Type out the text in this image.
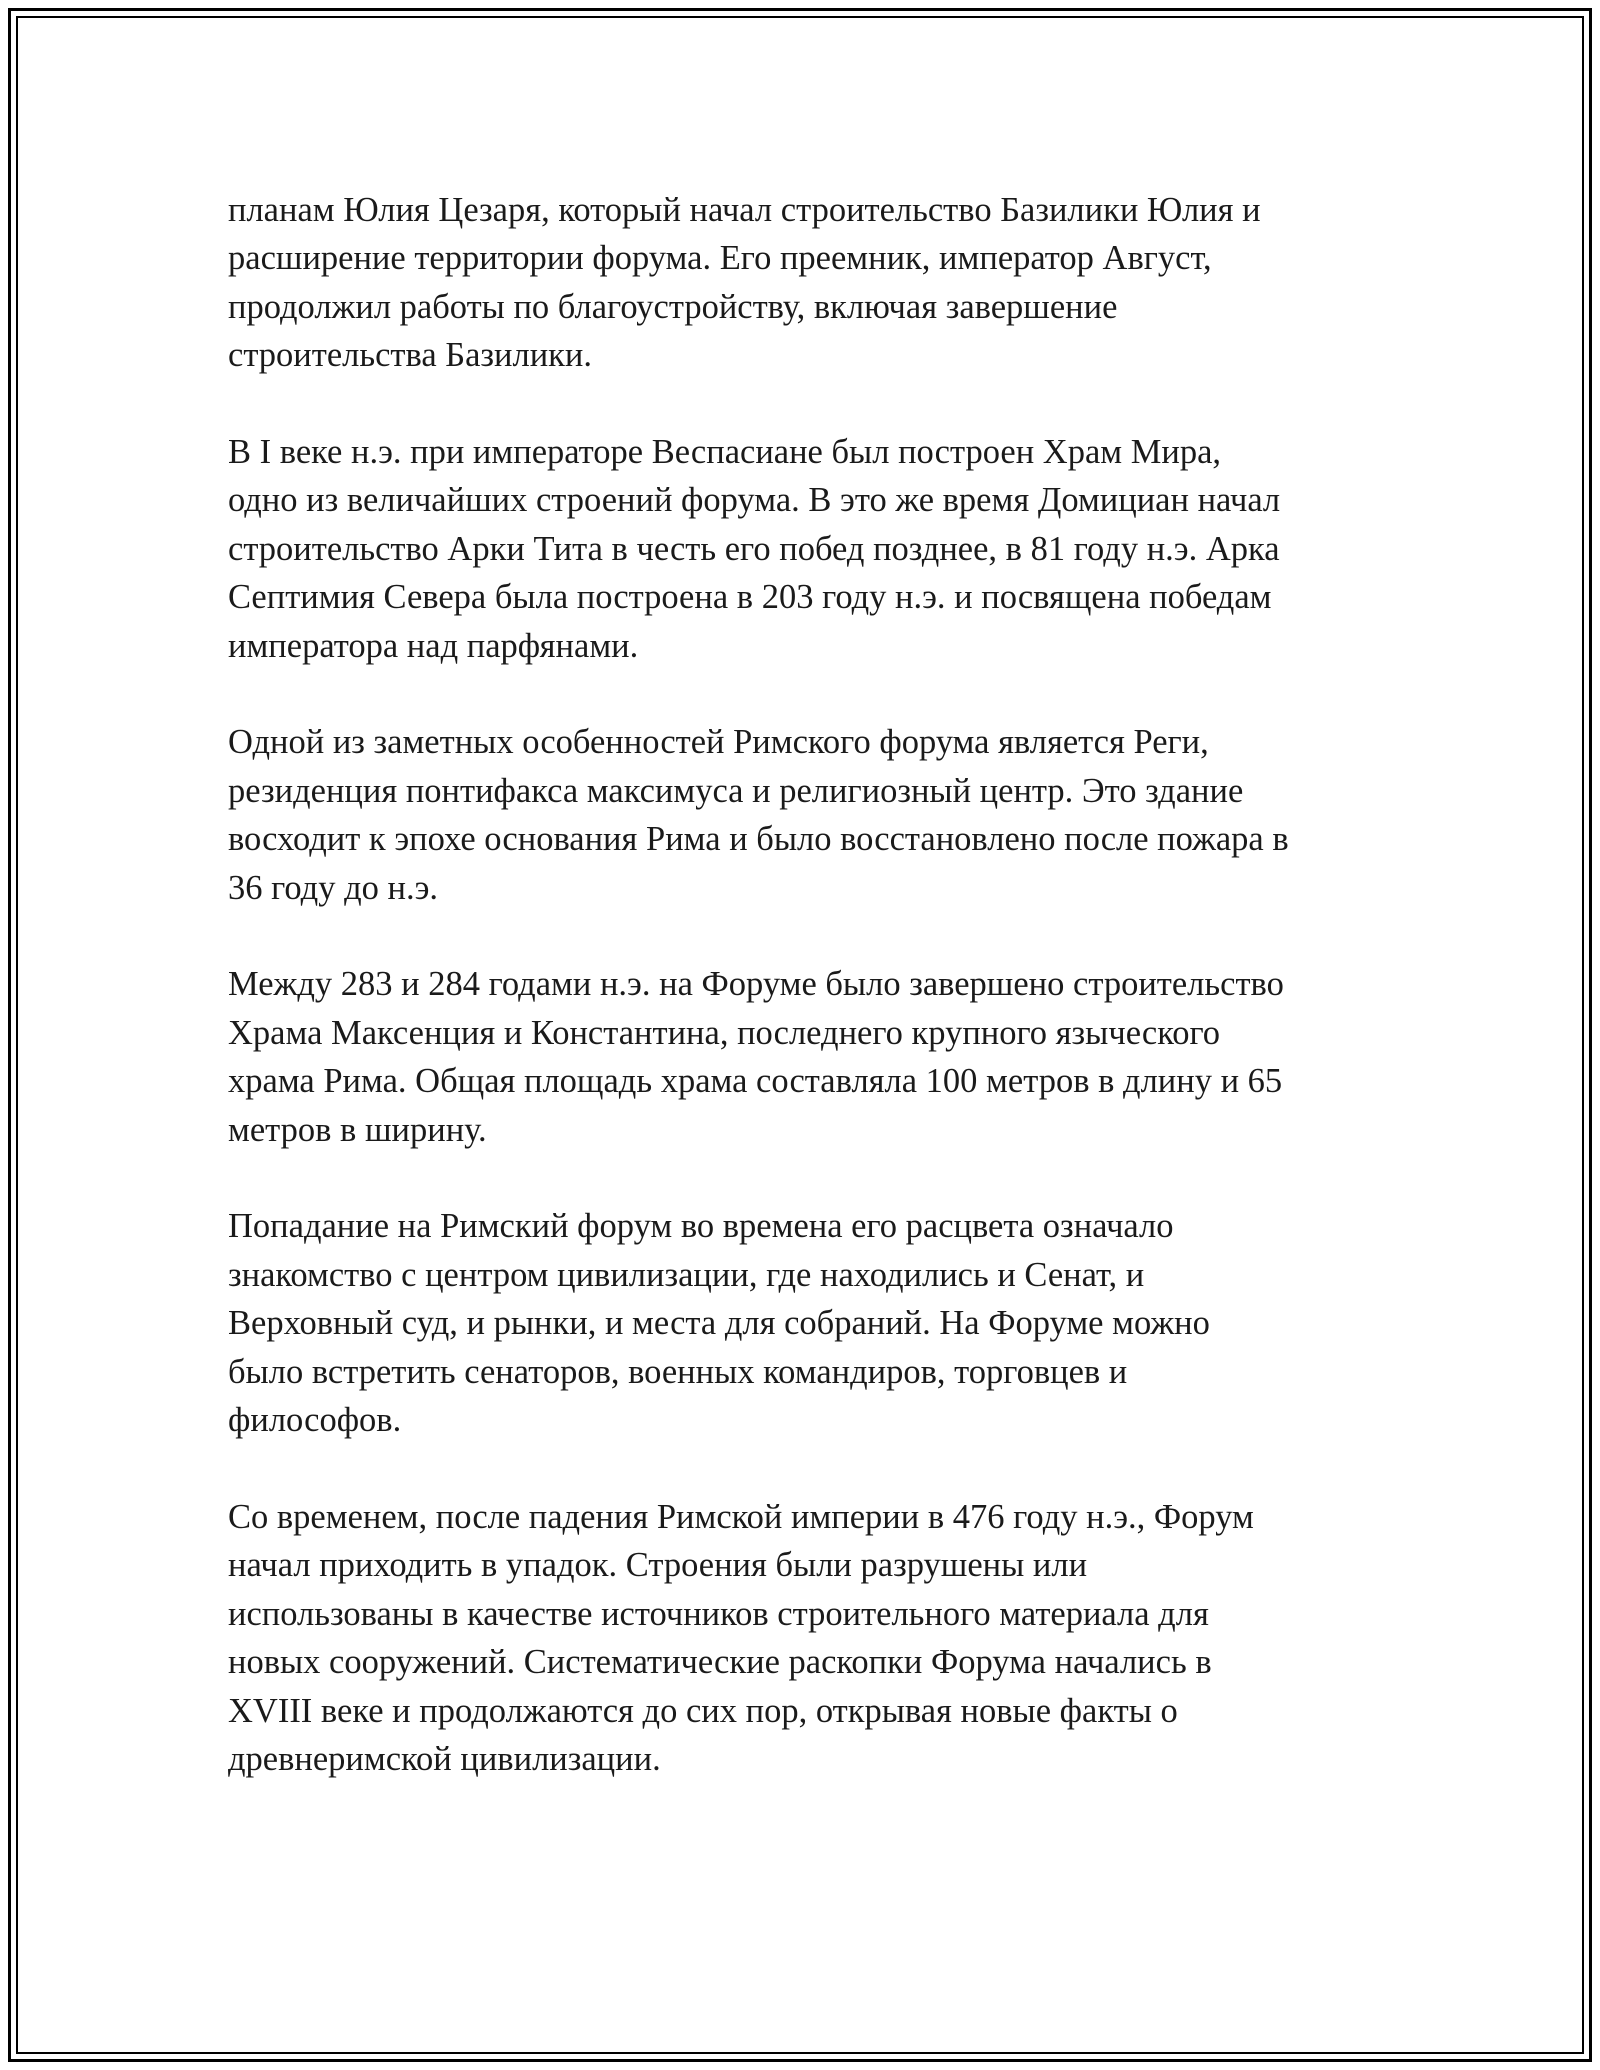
планам Юлия Цезаря, который начал строительство Базилики Юлия и
расширение территории форума. Его преемник, император Август,
продолжил работы по благоустройству, включая завершение
строительства Базилики.

В I веке н.э. при императоре Веспасиане был построен Храм Мира,
одно из величайших строений форума. В это же время Домициан начал
строительство Арки Тита в честь его побед позднее, в 81 году н.э. Арка
Септимия Севера была построена в 203 году н.э. и посвящена победам
императора над парфянами.

Одной из заметных особенностей Римского форума является Реги,
резиденция понтифакса максимуса и религиозный центр. Это здание
восходит к эпохе основания Рима и было восстановлено после пожара в
36 году до н.э.

Между 283 и 284 годами н.э. на Форуме было завершено строительство
Храма Максенция и Константина, последнего крупного языческого
храма Рима. Общая площадь храма составляла 100 метров в длину и 65
метров в ширину.

Попадание на Римский форум во времена его расцвета означало
знакомство с центром цивилизации, где находились и Сенат, и
Верховный суд, и рынки, и места для собраний. На Форуме можно
было встретить сенаторов, военных командиров, торговцев и
философов.

Со временем, после падения Римской империи в 476 году н.э., Форум
начал приходить в упадок. Строения были разрушены или
использованы в качестве источников строительного материала для
новых сооружений. Систематические раскопки Форума начались в
XVIII веке и продолжаются до сих пор, открывая новые факты о
древнеримской цивилизации.
